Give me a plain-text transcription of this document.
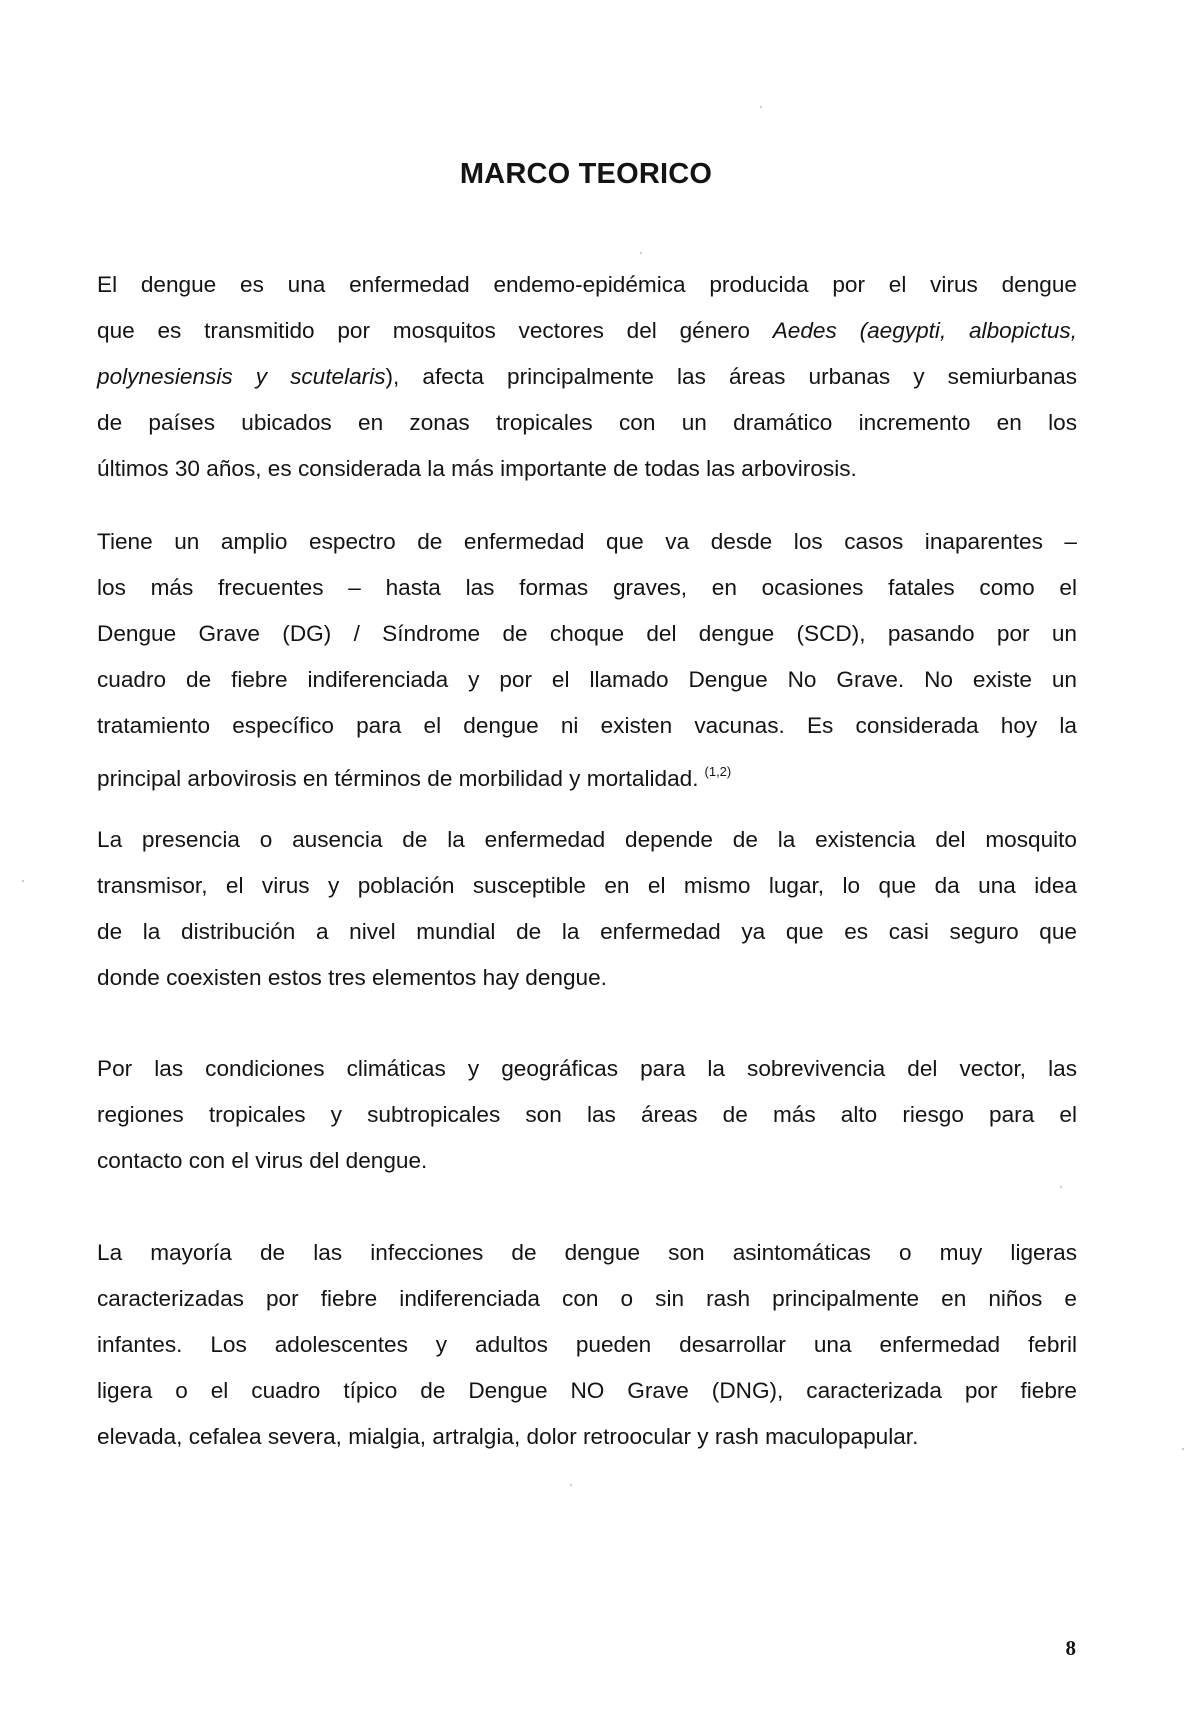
MARCO TEORICO
El dengue es una enfermedad endemo-epidémica producida por el virus dengue
que es transmitido por mosquitos vectores del género Aedes (aegypti, albopictus,
polynesiensis y scutelaris), afecta principalmente las áreas urbanas y semiurbanas
de países ubicados en zonas tropicales con un dramático incremento en los
últimos 30 años, es considerada la más importante de todas las arbovirosis.
Tiene un amplio espectro de enfermedad que va desde los casos inaparentes –
los más frecuentes – hasta las formas graves, en ocasiones fatales como el
Dengue Grave (DG) / Síndrome de choque del dengue (SCD), pasando por un
cuadro de fiebre indiferenciada y por el llamado Dengue No Grave. No existe un
tratamiento específico para el dengue ni existen vacunas. Es considerada hoy la
principal arbovirosis en términos de morbilidad y mortalidad. $^{(1,2)}$
La presencia o ausencia de la enfermedad depende de la existencia del mosquito
transmisor, el virus y población susceptible en el mismo lugar, lo que da una idea
de la distribución a nivel mundial de la enfermedad ya que es casi seguro que
donde coexisten estos tres elementos hay dengue.
Por las condiciones climáticas y geográficas para la sobrevivencia del vector, las
regiones tropicales y subtropicales son las áreas de más alto riesgo para el
contacto con el virus del dengue.
La mayoría de las infecciones de dengue son asintomáticas o muy ligeras
caracterizadas por fiebre indiferenciada con o sin rash principalmente en niños e
infantes. Los adolescentes y adultos pueden desarrollar una enfermedad febril
ligera o el cuadro típico de Dengue NO Grave (DNG), caracterizada por fiebre
elevada, cefalea severa, mialgia, artralgia, dolor retroocular y rash maculopapular.
8
